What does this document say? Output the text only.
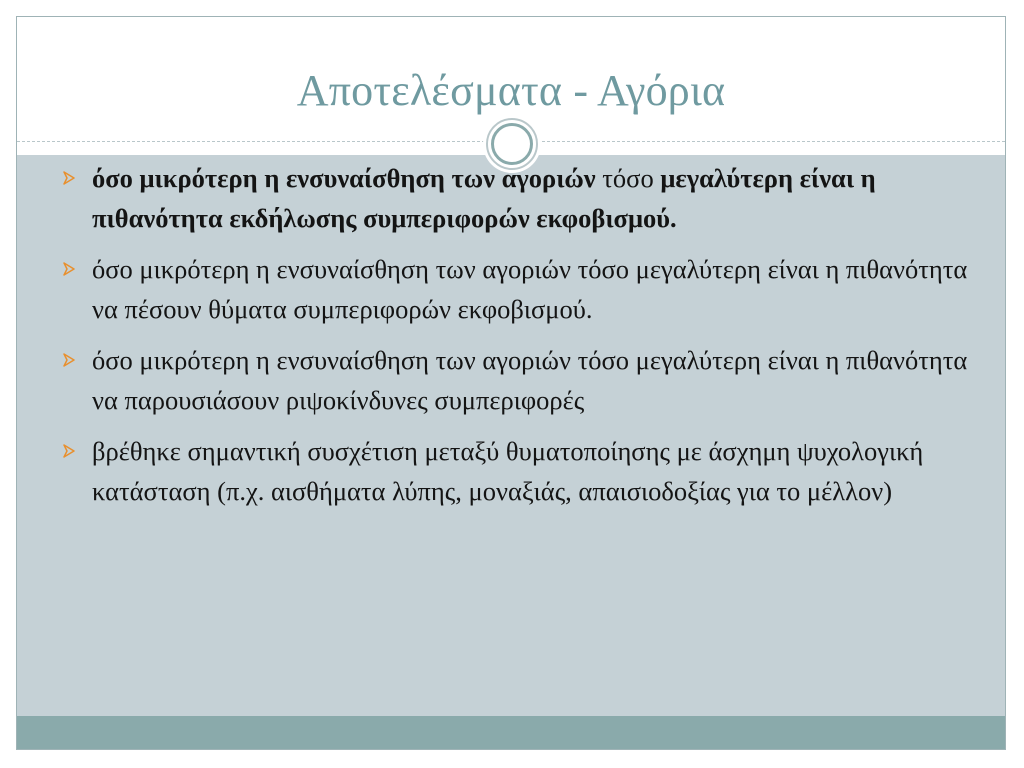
Αποτελέσματα - Αγόρια
όσο μικρότερη η ενσυναίσθηση των αγοριών τόσο μεγαλύτερη είναι η πιθανότητα εκδήλωσης συμπεριφορών εκφοβισμού.
όσο μικρότερη η ενσυναίσθηση των αγοριών τόσο μεγαλύτερη είναι η πιθανότητα να πέσουν θύματα συμπεριφορών εκφοβισμού.
όσο μικρότερη η ενσυναίσθηση των αγοριών τόσο μεγαλύτερη είναι η πιθανότητα να παρουσιάσουν ριψοκίνδυνες συμπεριφορές
βρέθηκε σημαντική συσχέτιση μεταξύ θυματοποίησης με άσχημη ψυχολογική κατάσταση (π.χ. αισθήματα λύπης, μοναξιάς, απαισιοδοξίας για το μέλλον)
